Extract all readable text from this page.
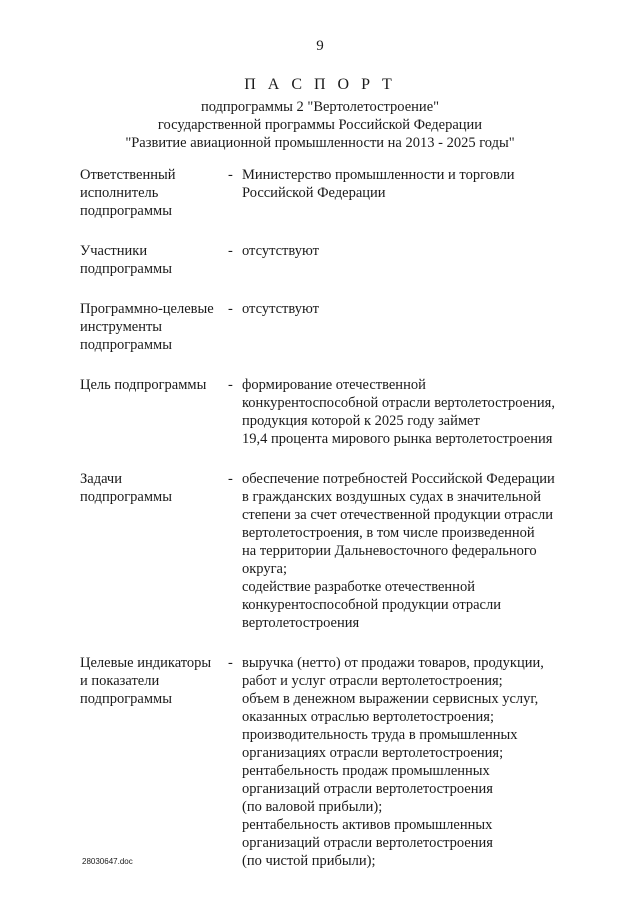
9
П А С П О Р Т
подпрограммы 2 "Вертолетостроение"
государственной программы Российской Федерации
"Развитие авиационной промышленности на 2013 - 2025 годы"
Ответственный
исполнитель
подпрограммы
- Министерство промышленности и торговли
Российской Федерации
Участники
подпрограммы
- отсутствуют
Программно-целевые
инструменты
подпрограммы
- отсутствуют
Цель подпрограммы	- формирование отечественной
конкурентоспособной отрасли вертолетостроения,
продукция которой к 2025 году займет
19,4 процента мирового рынка вертолетостроения
Задачи
подпрограммы
- обеспечение потребностей Российской Федерации
в гражданских воздушных судах в значительной
степени за счет отечественной продукции отрасли
вертолетостроения, в том числе произведенной
на территории Дальневосточного федерального
округа;
содействие разработке отечественной
конкурентоспособной продукции отрасли
вертолетостроения
Целевые индикаторы
и показатели
подпрограммы
- выручка (нетто) от продажи товаров, продукции,
работ и услуг отрасли вертолетостроения;
объем в денежном выражении сервисных услуг,
оказанных отраслью вертолетостроения;
производительность труда в промышленных
организациях отрасли вертолетостроения;
рентабельность продаж промышленных
организаций отрасли вертолетостроения
(по валовой прибыли);
рентабельность активов промышленных
организаций отрасли вертолетостроения
(по чистой прибыли);
28030647.doc
